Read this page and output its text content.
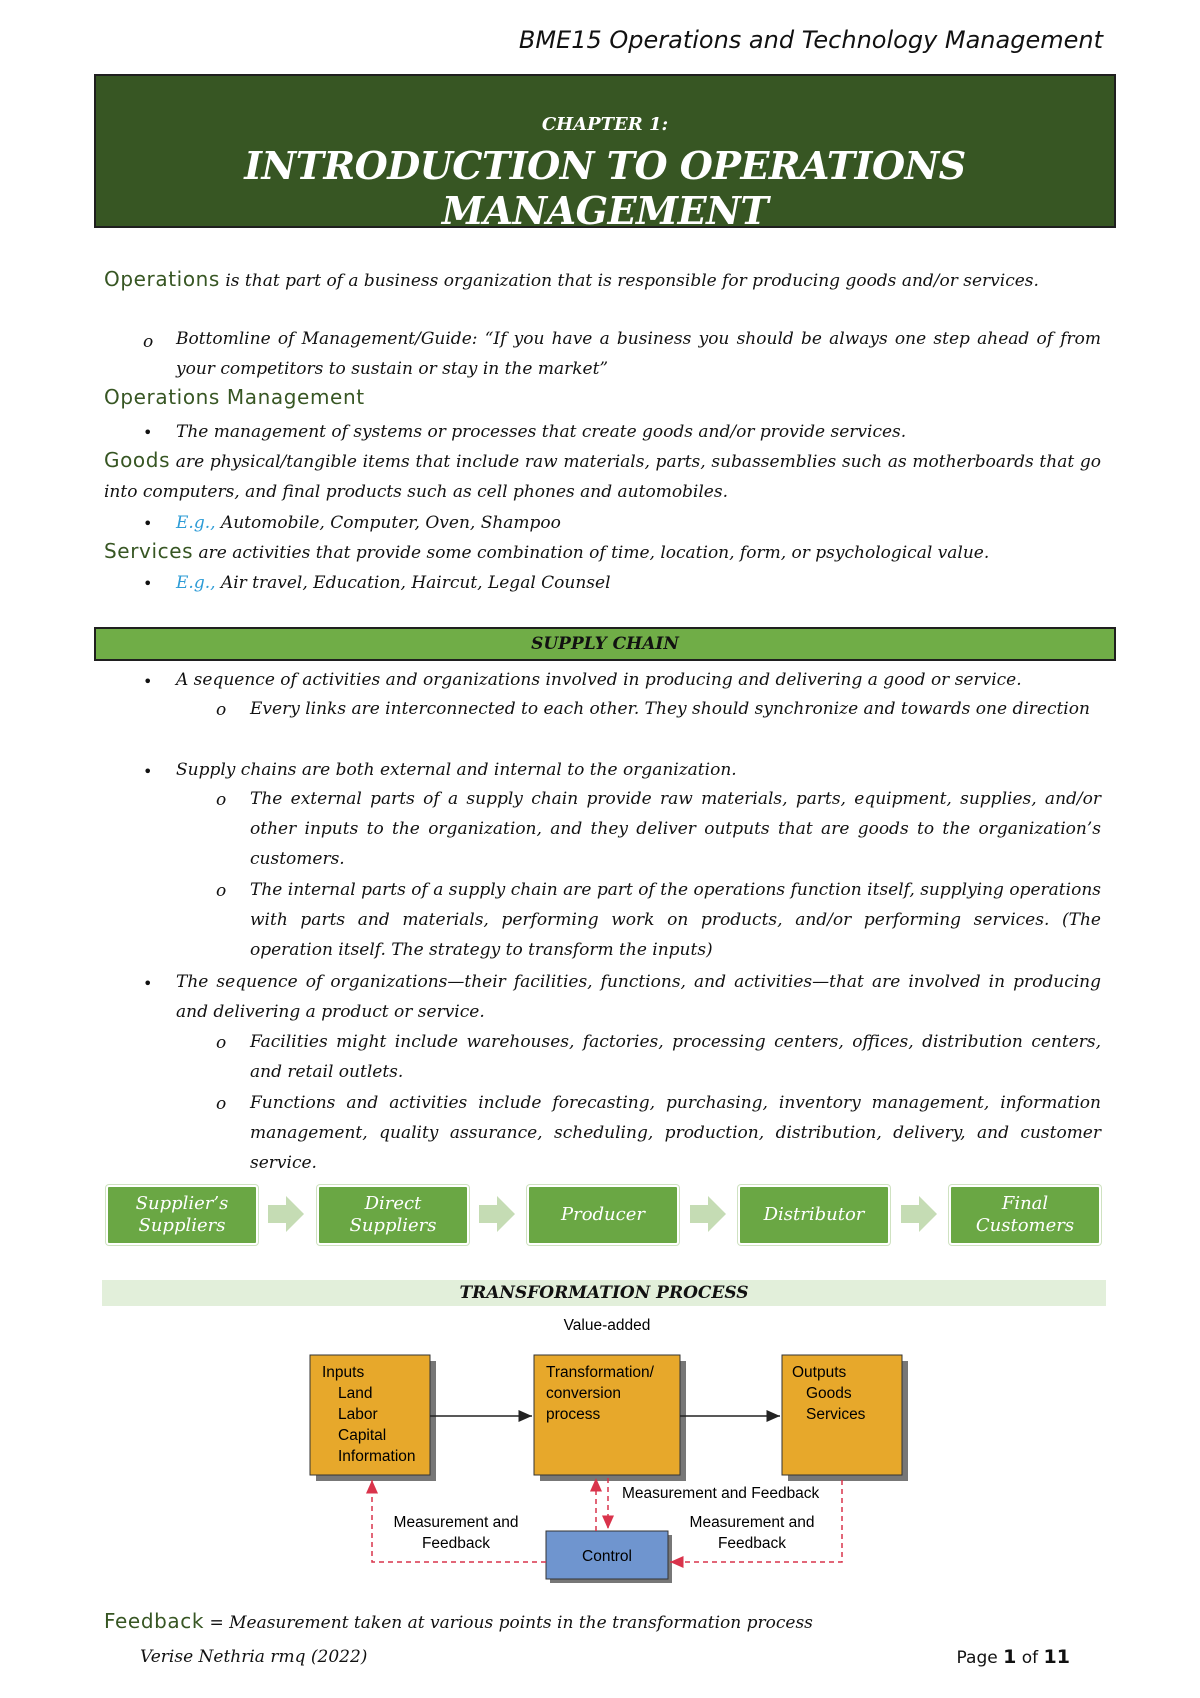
BME15 Operations and Technology Management
CHAPTER 1:
INTRODUCTION TO OPERATIONS MANAGEMENT
Operations is that part of a business organization that is responsible for producing goods and/or services.
o Bottomline of Management/Guide: “If you have a business you should be always one step ahead of from your competitors to sustain or stay in the market”
Operations Management
• The management of systems or processes that create goods and/or provide services.
Goods are physical/tangible items that include raw materials, parts, subassemblies such as motherboards that go into computers, and final products such as cell phones and automobiles.
• E.g., Automobile, Computer, Oven, Shampoo
Services are activities that provide some combination of time, location, form, or psychological value.
• E.g., Air travel, Education, Haircut, Legal Counsel
SUPPLY CHAIN
• A sequence of activities and organizations involved in producing and delivering a good or service.
o Every links are interconnected to each other. They should synchronize and towards one direction
• Supply chains are both external and internal to the organization.
o The external parts of a supply chain provide raw materials, parts, equipment, supplies, and/or other inputs to the organization, and they deliver outputs that are goods to the organization’s customers.
o The internal parts of a supply chain are part of the operations function itself, supplying operations with parts and materials, performing work on products, and/or performing services. (The operation itself. The strategy to transform the inputs)
• The sequence of organizations—their facilities, functions, and activities—that are involved in producing and delivering a product or service.
o Facilities might include warehouses, factories, processing centers, offices, distribution centers, and retail outlets.
o Functions and activities include forecasting, purchasing, inventory management, information management, quality assurance, scheduling, production, distribution, delivery, and customer service.
Supplier’s Suppliers
Direct Suppliers
Producer	Distributor
Final Customers
TRANSFORMATION PROCESS
Value-added
Inputs
Land
Labor
Capital
Information
Transformation/
conversion
process
Outputs
Goods
Services
Control
Measurement and
Feedback
Measurement and Feedback
Measurement and
Feedback
Feedback = Measurement taken at various points in the transformation process
Verise Nethria rmq (2022)	Page 1 of 11
